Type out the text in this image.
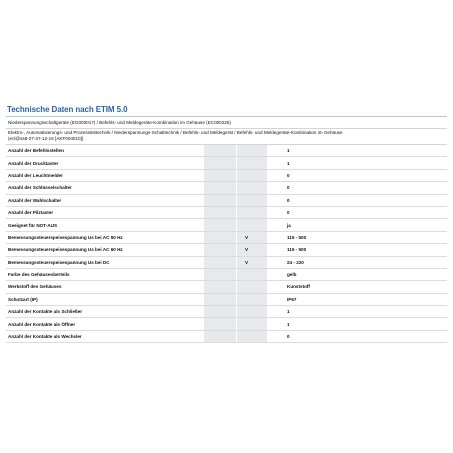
Technische Daten nach ETIM 5.0
Niederspannungsschaltgeräte (EG000017) / Befehls- und Meldegeräte-Kombination im Gehäuse (EC000225)
Elektro-, Automatisierungs- und Prozessleittechnik / Niederspannungs-Schalttechnik / Befehls- und Meldegerät / Befehls- und Meldegeräte-Kombination im Gehäuse
(ecl@ss8-27-37-12-16 [AKF004010])
Anzahl der Befehlsstellen			1
Anzahl der Drucktaster			1
Anzahl der Leuchtmelder			0
Anzahl der Schlüsselschalter			0
Anzahl der Wahlschalter			0
Anzahl der Pilztaster			0
Geeignet für NOT-AUS			ja
Bemessungssteuerspeisespannung Us bei AC 50 Hz		V	115 - 500
Bemessungssteuerspeisespannung Us bei AC 60 Hz		V	115 - 500
Bemessungssteuerspeisespannung Us bei DC		V	24 - 220
Farbe des Gehäuseoberteils			gelb
Werkstoff des Gehäuses			Kunststoff
Schutzart (IP)			IP67
Anzahl der Kontakte als Schließer			1
Anzahl der Kontakte als Öffner			1
Anzahl der Kontakte als Wechsler			0
